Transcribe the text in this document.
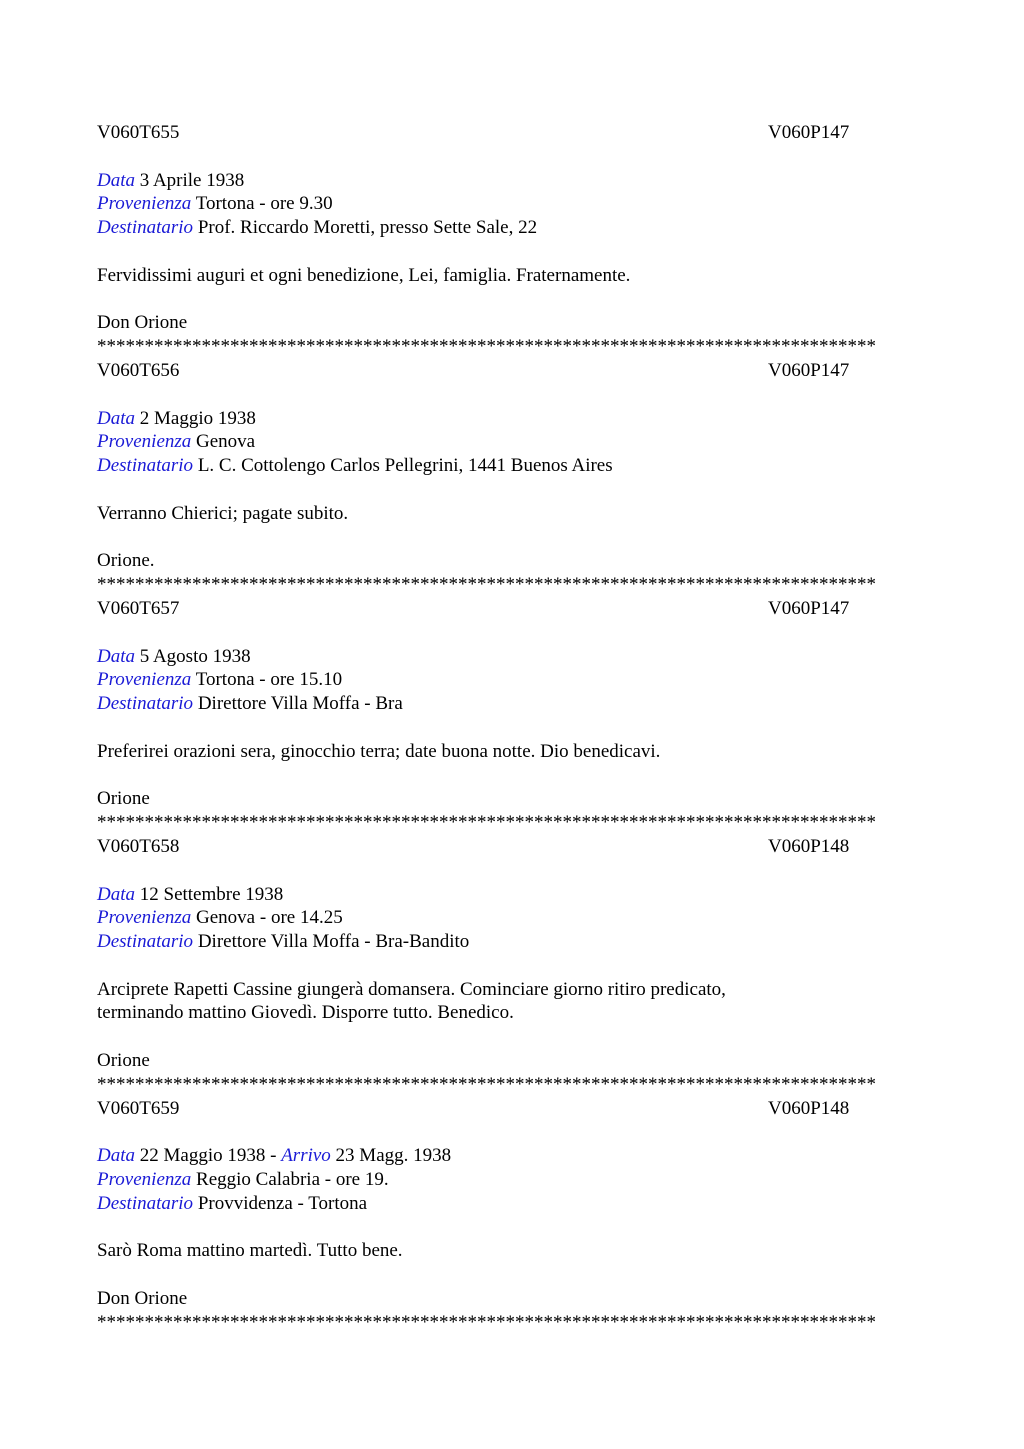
V060T655	V060P147
Data 3 Aprile 1938
Provenienza Tortona - ore 9.30
Destinatario Prof. Riccardo Moretti, presso Sette Sale, 22
Fervidissimi auguri et ogni benedizione, Lei, famiglia. Fraternamente.
Don Orione
**********************************************************************************
V060T656	V060P147
Data 2 Maggio 1938
Provenienza Genova
Destinatario L. C. Cottolengo Carlos Pellegrini, 1441 Buenos Aires
Verranno Chierici; pagate subito.
Orione.
**********************************************************************************
V060T657	V060P147
Data 5 Agosto 1938
Provenienza Tortona - ore 15.10
Destinatario Direttore Villa Moffa - Bra
Preferirei orazioni sera, ginocchio terra; date buona notte. Dio benedicavi.
Orione
**********************************************************************************
V060T658	V060P148
Data 12 Settembre 1938
Provenienza Genova - ore 14.25
Destinatario Direttore Villa Moffa - Bra-Bandito
Arciprete Rapetti Cassine giungerà domansera. Cominciare giorno ritiro predicato,
terminando mattino Giovedì. Disporre tutto. Benedico.
Orione
**********************************************************************************
V060T659	V060P148
Data 22 Maggio 1938 - Arrivo 23 Magg. 1938
Provenienza Reggio Calabria - ore 19.
Destinatario Provvidenza - Tortona
Sarò Roma mattino martedì. Tutto bene.
Don Orione
**********************************************************************************
